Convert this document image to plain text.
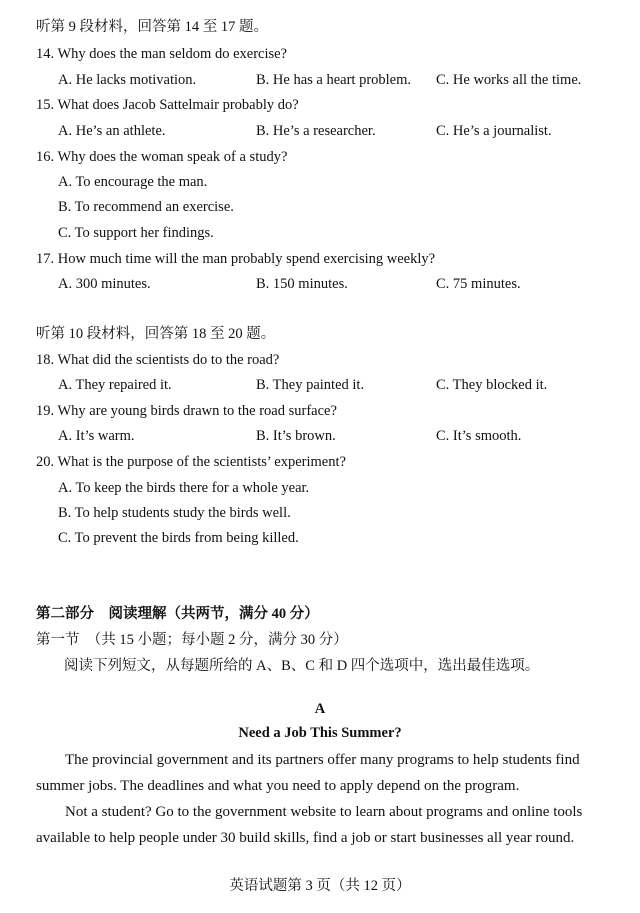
听第 9 段材料，回答第 14 至 17 题。
14. Why does the man seldom do exercise?
A. He lacks motivation.	B. He has a heart problem. C. He works all the time.
15. What does Jacob Sattelmair probably do?
A. He’s an athlete.	B. He’s a researcher.	C. He’s a journalist.
16. Why does the woman speak of a study?
A. To encourage the man.
B. To recommend an exercise.
C. To support her findings.
17. How much time will the man probably spend exercising weekly?
A. 300 minutes.	B. 150 minutes.	C. 75 minutes.
听第 10 段材料，回答第 18 至 20 题。
18. What did the scientists do to the road?
A. They repaired it.	B. They painted it.	C. They blocked it.
19. Why are young birds drawn to the road surface?
A. It’s warm.	B. It’s brown.	C. It’s smooth.
20. What is the purpose of the scientists’ experiment?
A. To keep the birds there for a whole year.
B. To help students study the birds well.
C. To prevent the birds from being killed.
第二部分　阅读理解（共两节，满分 40 分）
第一节　（共 15 小题；每小题 2 分，满分 30 分）
阅读下列短文，从每题所给的 A、B、C 和 D 四个选项中，选出最佳选项。
A
Need a Job This Summer?
The provincial government and its partners offer many programs to help students find
summer jobs. The deadlines and what you need to apply depend on the program.
Not a student? Go to the government website to learn about programs and online tools
available to help people under 30 build skills, find a job or start businesses all year round.
英语试题第 3 页（共 12 页）
